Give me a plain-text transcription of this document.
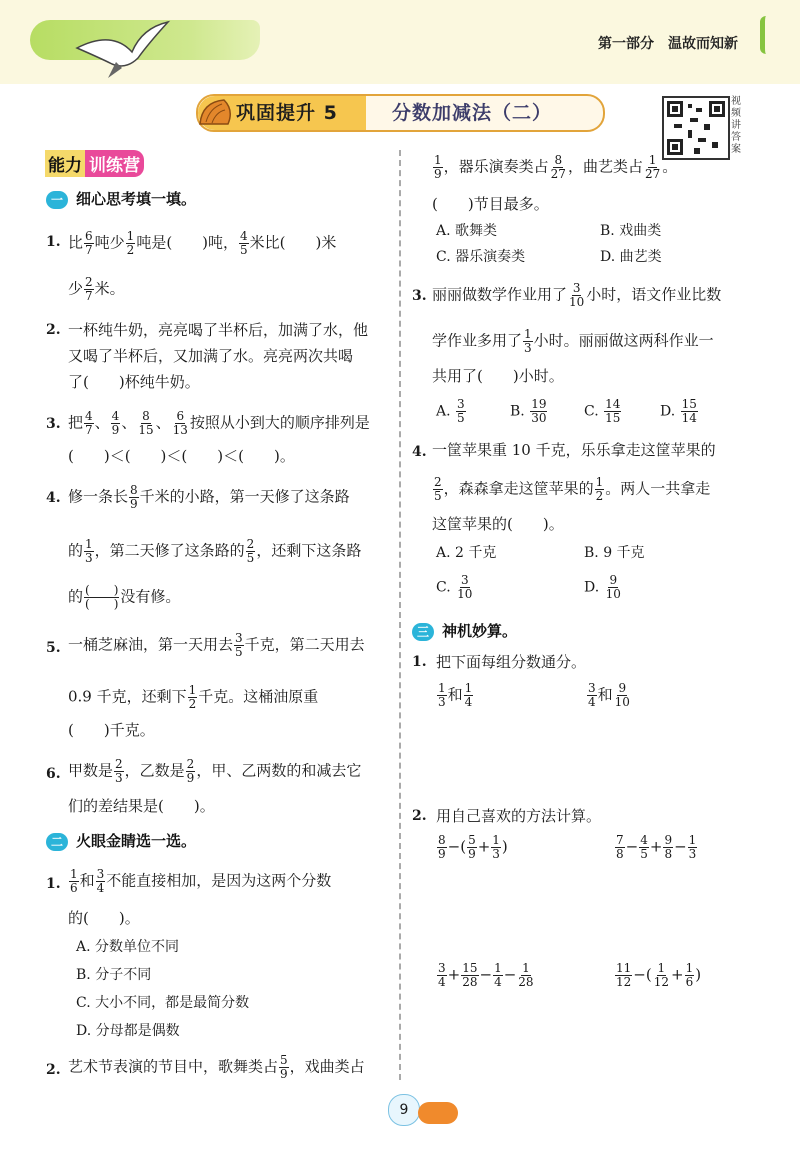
第一部分　温故而知新
巩固提升 5	分数加减法（二）
视频讲答案
能力 训练营
一 细心思考填一填。
1. 比 $\frac{6}{7}$ 吨少 $\frac{1}{2}$ 吨是(　　)吨， $\frac{4}{5}$ 米比(　　)米
少 $\frac{2}{7}$ 米。
2. 一杯纯牛奶，亮亮喝了半杯后，加满了水，他
又喝了半杯后，又加满了水。亮亮两次共喝
了(　　)杯纯牛奶。
3. 把 $\frac{4}{7}$ 、 $\frac{4}{9}$ 、 $\frac{8}{15}$ 、 $\frac{6}{13}$ 按照从小到大的顺序排列是
(　　)＜(　　)＜(　　)＜(　　)。
4. 修一条长 $\frac{8}{9}$ 千米的小路，第一天修了这条路
的 $\frac{1}{3}$ ，第二天修了这条路的 $\frac{2}{5}$ ，还剩下这条路
的 (　　)
(　　) 没有修。
5. 一桶芝麻油，第一天用去 $\frac{3}{5}$ 千克，第二天用去
0.9 千克，还剩下 $\frac{1}{2}$ 千克。这桶油原重
(　　)千克。
6. 甲数是 $\frac{2}{3}$ ，乙数是 $\frac{2}{9}$ ，甲、乙两数的和减去它
们的差结果是(　　)。
二 火眼金睛选一选。
1. $\frac{1}{6}$ 和 $\frac{3}{4}$ 不能直接相加，是因为这两个分数
的(　　)。
A. 分数单位不同
B. 分子不同
C. 大小不同，都是最简分数
D. 分母都是偶数
2. 艺术节表演的节目中，歌舞类占 $\frac{5}{9}$ ，戏曲类占
$\frac{1}{9}$ ，器乐演奏类占 $\frac{8}{27}$ ，曲艺类占 $\frac{1}{27}$ 。
(　　)节目最多。
A. 歌舞类	B. 戏曲类
C. 器乐演奏类	D. 曲艺类
3. 丽丽做数学作业用了 $\frac{3}{10}$ 小时，语文作业比数
学作业多用了 $\frac{1}{3}$ 小时。丽丽做这两科作业一
共用了(　　)小时。
A. $\frac{3}{5}$	B. $\frac{19}{30}$	C. $\frac{14}{15}$	D. $\frac{15}{14}$
4. 一筐苹果重 10 千克，乐乐拿走这筐苹果的
$\frac{2}{5}$ ，森森拿走这筐苹果的 $\frac{1}{2}$ 。两人一共拿走
这筐苹果的(　　)。
A. 2 千克	B. 9 千克
C. $\frac{3}{10}$	D. $\frac{9}{10}$
三 神机妙算。
1. 把下面每组分数通分。
$\frac{1}{3}$ 和 $\frac{1}{4}$	$\frac{3}{4}$ 和 $\frac{9}{10}$
2. 用自己喜欢的方法计算。
$\frac{8}{9}$ −( $\frac{5}{9} + \frac{1}{3}$ )	$\frac{7}{8} - \frac{4}{5} + \frac{9}{8} - \frac{1}{3}$
$\frac{3}{4} + \frac{15}{28} - \frac{1}{4} - \frac{1}{28}$	$\frac{11}{12}$ −( $\frac{1}{12} + \frac{1}{6}$ )
9
